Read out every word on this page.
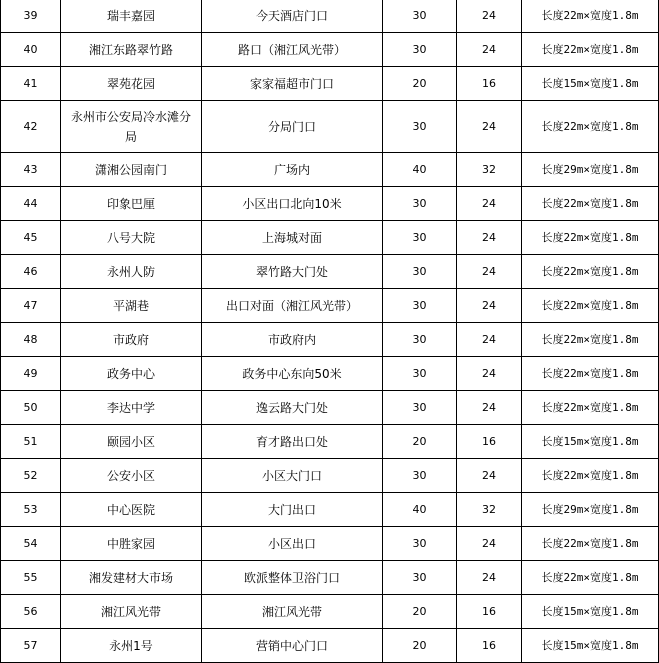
39	瑞丰嘉园	今天酒店门口	30	24	长度22m×宽度1.8m
40	湘江东路翠竹路	路口（湘江风光带）	30	24	长度22m×宽度1.8m
41	翠苑花园	家家福超市门口	20	16	长度15m×宽度1.8m
42	永州市公安局冷水滩分局	分局门口	30	24	长度22m×宽度1.8m
43	潇湘公园南门	广场内	40	32	长度29m×宽度1.8m
44	印象巴厘	小区出口北向10米	30	24	长度22m×宽度1.8m
45	八号大院	上海城对面	30	24	长度22m×宽度1.8m
46	永州人防	翠竹路大门处	30	24	长度22m×宽度1.8m
47	平湖巷	出口对面（湘江风光带）	30	24	长度22m×宽度1.8m
48	市政府	市政府内	30	24	长度22m×宽度1.8m
49	政务中心	政务中心东向50米	30	24	长度22m×宽度1.8m
50	李达中学	逸云路大门处	30	24	长度22m×宽度1.8m
51	颐园小区	育才路出口处	20	16	长度15m×宽度1.8m
52	公安小区	小区大门口	30	24	长度22m×宽度1.8m
53	中心医院	大门出口	40	32	长度29m×宽度1.8m
54	中胜家园	小区出口	30	24	长度22m×宽度1.8m
55	湘发建材大市场	欧派整体卫浴门口	30	24	长度22m×宽度1.8m
56	湘江风光带	湘江风光带	20	16	长度15m×宽度1.8m
57	永州1号	营销中心门口	20	16	长度15m×宽度1.8m
